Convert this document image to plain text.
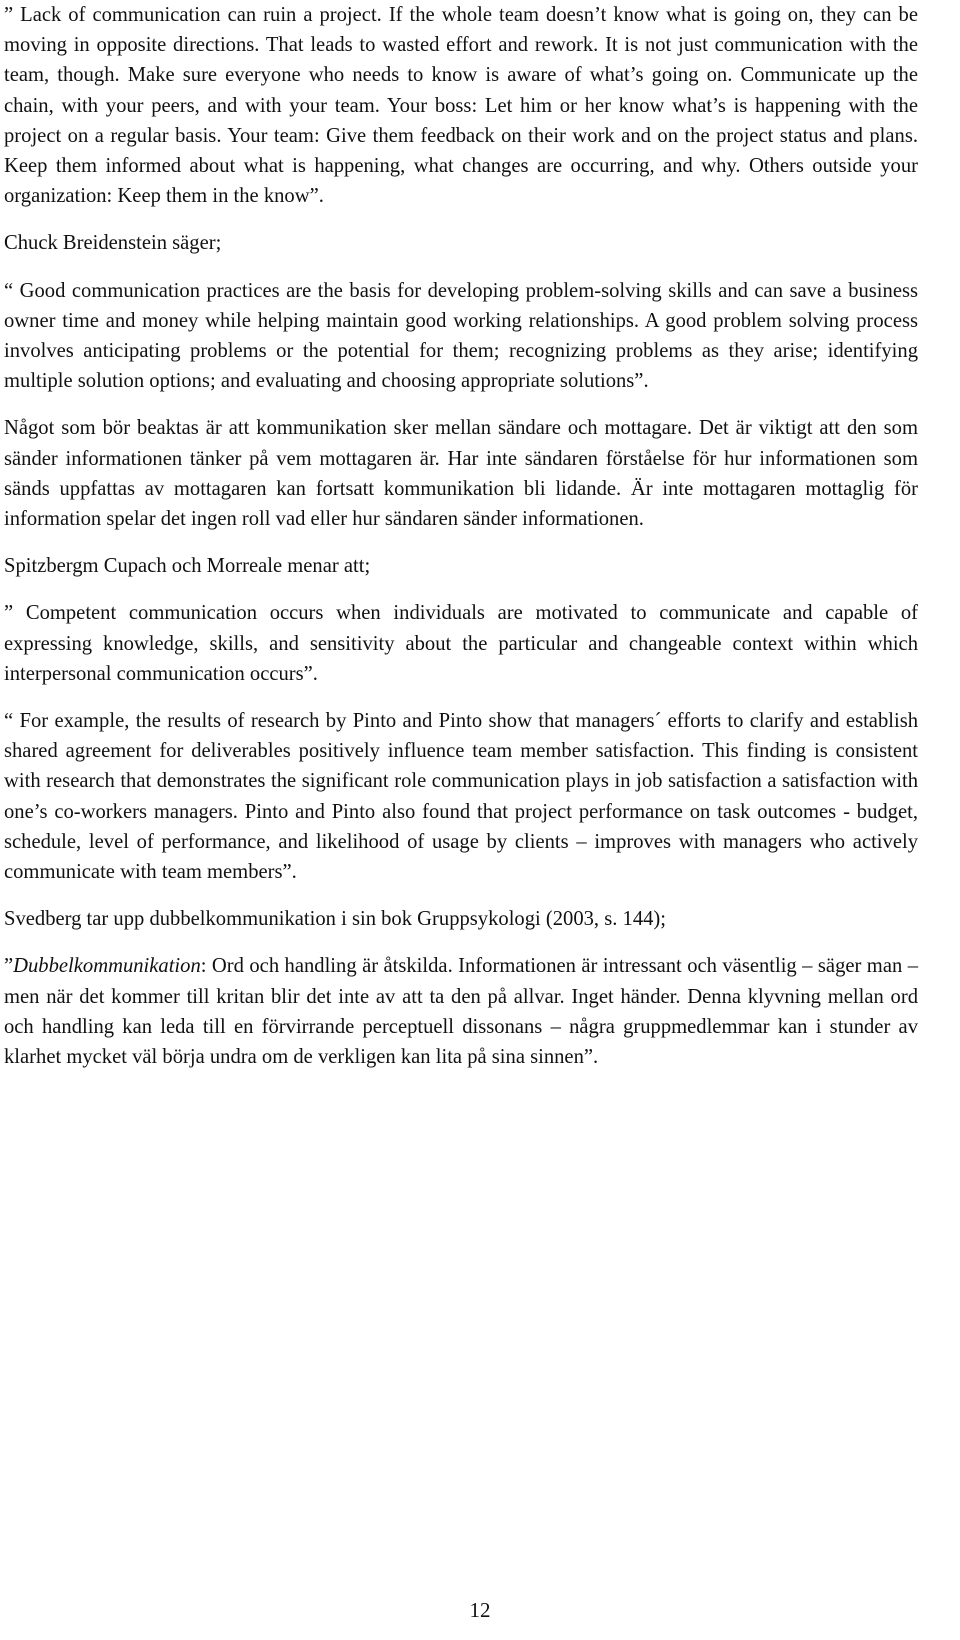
” Lack of communication can ruin a project. If the whole team doesn’t know what is going on, they can be moving in opposite directions. That leads to wasted effort and rework. It is not just communication with the team, though. Make sure everyone who needs to know is aware of what’s going on. Communicate up the chain, with your peers, and with your team. Your boss: Let him or her know what’s is happening with the project on a regular basis. Your team: Give them feedback on their work and on the project status and plans. Keep them informed about what is happening, what changes are occurring, and why. Others outside your organization: Keep them in the know”.

Chuck Breidenstein säger;

“ Good communication practices are the basis for developing problem-solving skills and can save a business owner time and money while helping maintain good working relationships. A good problem solving process involves anticipating problems or the potential for them; recognizing problems as they arise; identifying multiple solution options; and evaluating and choosing appropriate solutions”.

Något som bör beaktas är att kommunikation sker mellan sändare och mottagare. Det är viktigt att den som sänder informationen tänker på vem mottagaren är. Har inte sändaren förståelse för hur informationen som sänds uppfattas av mottagaren kan fortsatt kommunikation bli lidande. Är inte mottagaren mottaglig för information spelar det ingen roll vad eller hur sändaren sänder informationen.

Spitzbergm Cupach och Morreale menar att;

” Competent communication occurs when individuals are motivated to communicate and capable of expressing knowledge, skills, and sensitivity about the particular and changeable context within which interpersonal communication occurs”.

“ For example, the results of research by Pinto and Pinto show that managers´ efforts to clarify and establish shared agreement for deliverables positively influence team member satisfaction. This finding is consistent with research that demonstrates the significant role communication plays in job satisfaction a satisfaction with one’s co-workers managers. Pinto and Pinto also found that project performance on task outcomes - budget, schedule, level of performance, and likelihood of usage by clients – improves with managers who actively communicate with team members”.

Svedberg tar upp dubbelkommunikation i sin bok Gruppsykologi (2003, s. 144);

”Dubbelkommunikation: Ord och handling är åtskilda. Informationen är intressant och väsentlig – säger man – men när det kommer till kritan blir det inte av att ta den på allvar. Inget händer. Denna klyvning mellan ord och handling kan leda till en förvirrande perceptuell dissonans – några gruppmedlemmar kan i stunder av klarhet mycket väl börja undra om de verkligen kan lita på sina sinnen”.

12
